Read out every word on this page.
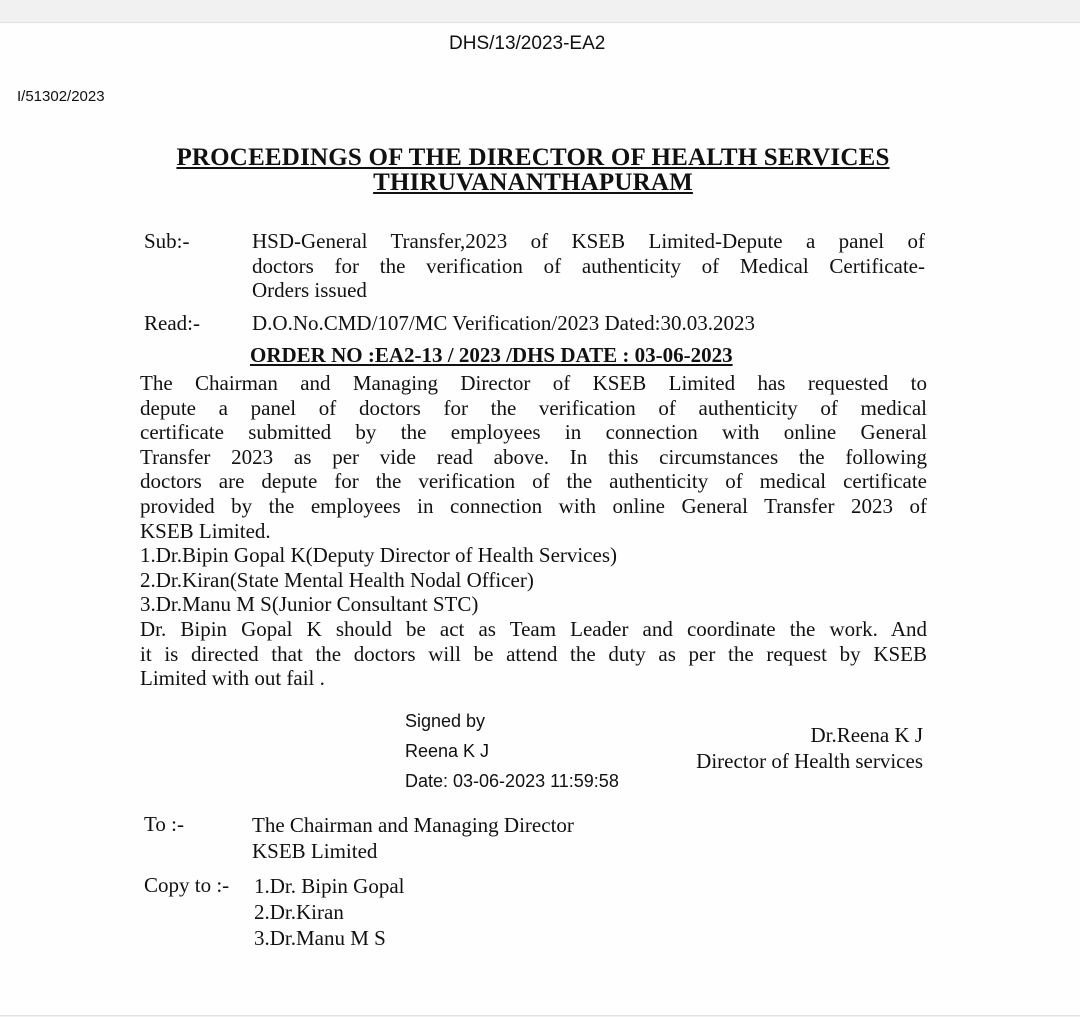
DHS/13/2023-EA2
I/51302/2023
PROCEEDINGS OF THE DIRECTOR OF HEALTH SERVICES
THIRUVANANTHAPURAM
Sub:-	HSD-General Transfer,2023 of KSEB Limited-Depute a panel of
doctors for the verification of authenticity of Medical Certificate-
Orders issued
Read:- D.O.No.CMD/107/MC Verification/2023 Dated:30.03.2023
ORDER NO :EA2-13 / 2023 /DHS DATE : 03-06-2023
The Chairman and Managing Director of KSEB Limited has requested to
depute a panel of doctors for the verification of authenticity of medical
certificate submitted by the employees in connection with online General
Transfer 2023 as per vide read above. In this circumstances the following
doctors are depute for the verification of the authenticity of medical certificate
provided by the employees in connection with online General Transfer 2023 of
KSEB Limited.
1.Dr.Bipin Gopal K(Deputy Director of Health Services)
2.Dr.Kiran(State Mental Health Nodal Officer)
3.Dr.Manu M S(Junior Consultant STC)
Dr. Bipin Gopal K should be act as Team Leader and coordinate the work. And
it is directed that the doctors will be attend the duty as per the request by KSEB
Limited with out fail .
Signed by
Reena K J
Date: 03-06-2023 11:59:58
Dr.Reena K J
Director of Health services
To :-	The Chairman and Managing Director
KSEB Limited
Copy to :- 1.Dr. Bipin Gopal
2.Dr.Kiran
3.Dr.Manu M S
